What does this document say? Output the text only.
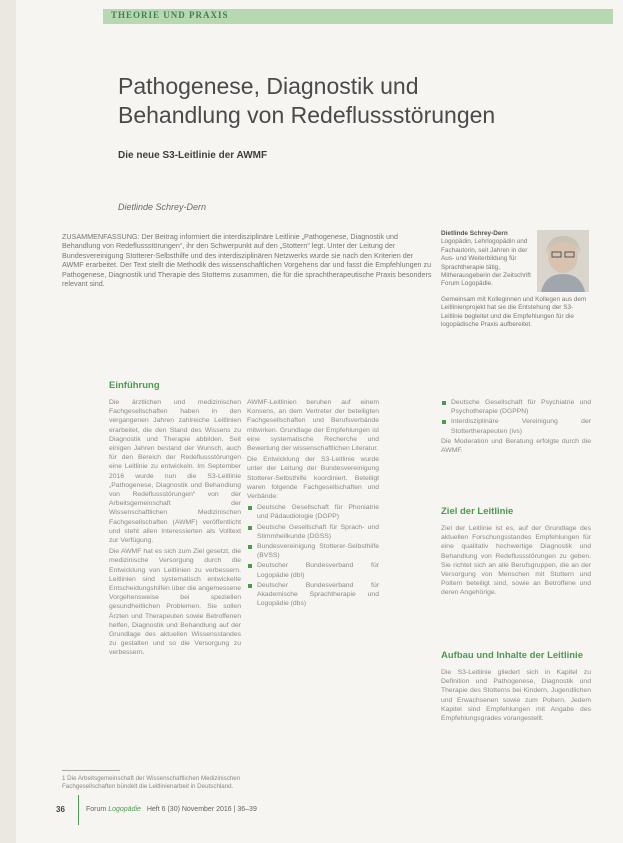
THEORIE UND PRAXIS
Pathogenese, Diagnostik und
Behandlung von Redeflussstörungen
Die neue S3-Leitlinie der AWMF
Dietlinde Schrey-Dern
ZUSAMMENFASSUNG: Der Beitrag informiert die interdisziplinäre Leitlinie „Pathogenese, Diagnostik und Behandlung von Redeflussstörungen“, ihr den Schwerpunkt auf den „Stottern“ legt. Unter der Leitung der Bundesvereinigung Stotterer-Selbsthilfe und des interdisziplinären Netzwerks wurde sie nach den Kriterien der AWMF erarbeitet. Der Text stellt die Methodik des wissenschaftlichen Vorgehens dar und fasst die Empfehlungen zu Pathogenese, Diagnostik und Therapie des Stotterns zusammen, die für die sprachtherapeutische Praxis besonders relevant sind.
Dietlinde Schrey-Dern
Logopädin, Lehrlogopädin und Fachautorin, seit Jahren in der Aus- und Weiterbildung für Sprachtherapie tätig, Mitherausgeberin der Zeitschrift Forum Logopädie.
Gemeinsam mit Kolleginnen und Kollegen aus dem Leitlinienprojekt hat sie die Entstehung der S3-Leitlinie begleitet und die Empfehlungen für die logopädische Praxis aufbereitet.
Einführung

Die ärztlichen und medizinischen Fachgesellschaften haben in den vergangenen Jahren zahlreiche Leitlinien erarbeitet, die den Stand des Wissens zu Diagnostik und Therapie abbilden. Seit einigen Jahren bestand der Wunsch, auch für den Bereich der Redeflussstörungen eine Leitlinie zu entwickeln. Im September 2016 wurde nun die S3-Leitlinie „Pathogenese, Diagnostik und Behandlung von Redeflussstörungen“ von der Arbeitsgemeinschaft der Wissenschaftlichen Medizinischen Fachgesellschaften (AWMF) veröffentlicht und steht allen Interessierten als Volltext zur Verfügung.

Die AWMF hat es sich zum Ziel gesetzt, die medizinische Versorgung durch die Entwicklung von Leitlinien zu verbessern. Leitlinien sind systematisch entwickelte Entscheidungshilfen über die angemessene Vorgehensweise bei speziellen gesundheitlichen Problemen. Sie sollen Ärzten und Therapeuten sowie Betroffenen helfen, Diagnostik und Behandlung auf der Grundlage des aktuellen Wissensstandes zu gestalten und so die Versorgung zu verbessern.

AWMF-Leitlinien beruhen auf einem Konsens, an dem Vertreter der beteiligten Fachgesellschaften und Berufsverbände mitwirken. Grundlage der Empfehlungen ist eine systematische Recherche und Bewertung der wissenschaftlichen Literatur.

Die Entwicklung der S3-Leitlinie wurde unter der Leitung der Bundesvereinigung Stotterer-Selbsthilfe koordiniert. Beteiligt waren folgende Fachgesellschaften und Verbände:

Deutsche Gesellschaft für Phoniatrie und Pädaudiologie (DGPP)
Deutsche Gesellschaft für Sprach- und Stimmheilkunde (DGSS)
Bundesvereinigung Stotterer-Selbsthilfe (BVSS)
Deutscher Bundesverband für Logopädie (dbl)
Deutscher Bundesverband für Akademische Sprachtherapie und Logopädie (dbs)
Deutsche Gesellschaft für Psychiatrie und Psychotherapie (DGPPN)
Interdisziplinäre Vereinigung der Stottertherapeuten (ivs)

Die Moderation und Beratung erfolgte durch die AWMF.

Ziel der Leitlinie
Ziel der Leitlinie ist es, auf der Grundlage des aktuellen Forschungsstandes Empfehlungen für eine qualitativ hochwertige Diagnostik und Behandlung von Redeflussstörungen zu geben. Sie richtet sich an alle Berufsgruppen, die an der Versorgung von Menschen mit Stottern und Poltern beteiligt sind, sowie an Betroffene und deren Angehörige.
Aufbau und Inhalte der Leitlinie
Die S3-Leitlinie gliedert sich in Kapitel zu Definition und Pathogenese, Diagnostik und Therapie des Stotterns bei Kindern, Jugendlichen und Erwachsenen sowie zum Poltern. Jedem Kapitel sind Empfehlungen mit Angabe des Empfehlungsgrades vorangestellt.
1 Die Arbeitsgemeinschaft der Wissenschaftlichen Medizinischen Fachgesellschaften bündelt die Leitlinienarbeit in Deutschland.
36	Forum Logopädie Heft 6 (30) November 2016 | 36–39
